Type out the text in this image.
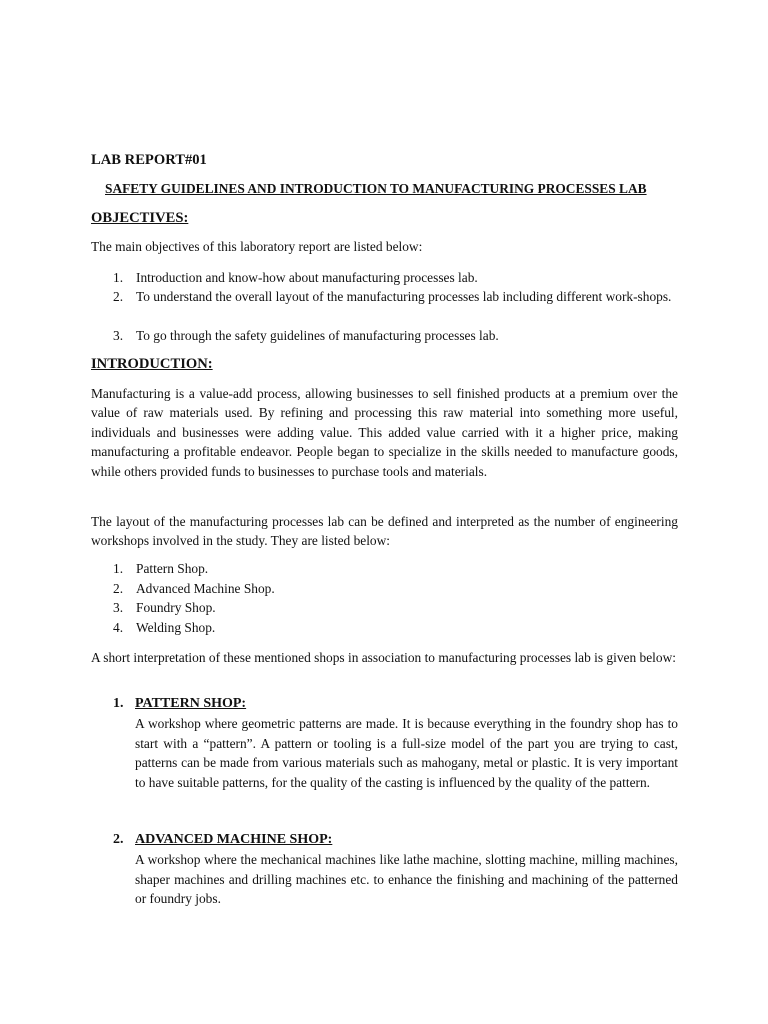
LAB REPORT#01
SAFETY GUIDELINES AND INTRODUCTION TO MANUFACTURING PROCESSES LAB
OBJECTIVES:
The main objectives of this laboratory report are listed below:
1. Introduction and know-how about manufacturing processes lab.
2. To understand the overall layout of the manufacturing processes lab including different work-shops.
3. To go through the safety guidelines of manufacturing processes lab.
INTRODUCTION:
Manufacturing is a value-add process, allowing businesses to sell finished products at a premium over the value of raw materials used. By refining and processing this raw material into something more useful, individuals and businesses were adding value. This added value carried with it a higher price, making manufacturing a profitable endeavor. People began to specialize in the skills needed to manufacture goods, while others provided funds to businesses to purchase tools and materials.
The layout of the manufacturing processes lab can be defined and interpreted as the number of engineering workshops involved in the study. They are listed below:
1. Pattern Shop.
2. Advanced Machine Shop.
3. Foundry Shop.
4. Welding Shop.
A short interpretation of these mentioned shops in association to manufacturing processes lab is given below:
1. PATTERN SHOP:
A workshop where geometric patterns are made. It is because everything in the foundry shop has to start with a “pattern”. A pattern or tooling is a full-size model of the part you are trying to cast, patterns can be made from various materials such as mahogany, metal or plastic. It is very important to have suitable patterns, for the quality of the casting is influenced by the quality of the pattern.
2. ADVANCED MACHINE SHOP:
A workshop where the mechanical machines like lathe machine, slotting machine, milling machines, shaper machines and drilling machines etc. to enhance the finishing and machining of the patterned or foundry jobs.
